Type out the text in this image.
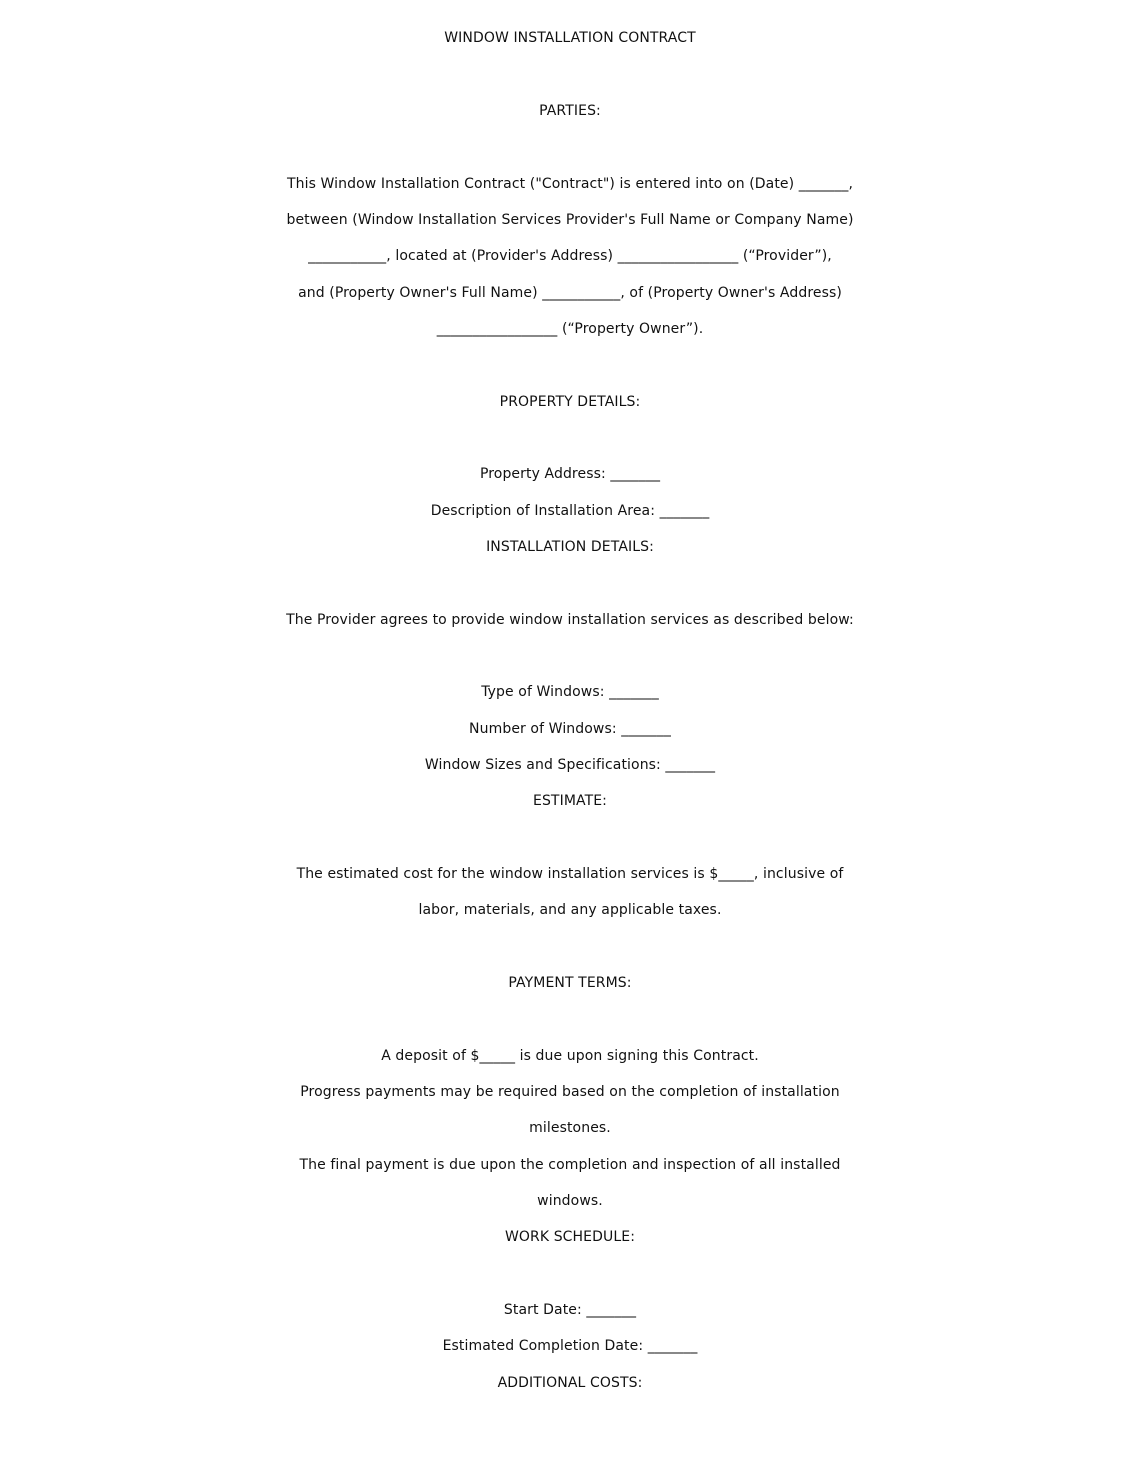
WINDOW INSTALLATION CONTRACT
PARTIES:
This Window Installation Contract ("Contract") is entered into on (Date) _______,
between (Window Installation Services Provider's Full Name or Company Name)
___________, located at (Provider's Address) _________________ (“Provider”),
and (Property Owner's Full Name) ___________, of (Property Owner's Address)
_________________ (“Property Owner”).
PROPERTY DETAILS:
Property Address: _______
Description of Installation Area: _______
INSTALLATION DETAILS:
The Provider agrees to provide window installation services as described below:
Type of Windows: _______
Number of Windows: _______
Window Sizes and Specifications: _______
ESTIMATE:
The estimated cost for the window installation services is $_____, inclusive of
labor, materials, and any applicable taxes.
PAYMENT TERMS:
A deposit of $_____ is due upon signing this Contract.
Progress payments may be required based on the completion of installation
milestones.
The final payment is due upon the completion and inspection of all installed
windows.
WORK SCHEDULE:
Start Date: _______
Estimated Completion Date: _______
ADDITIONAL COSTS:
